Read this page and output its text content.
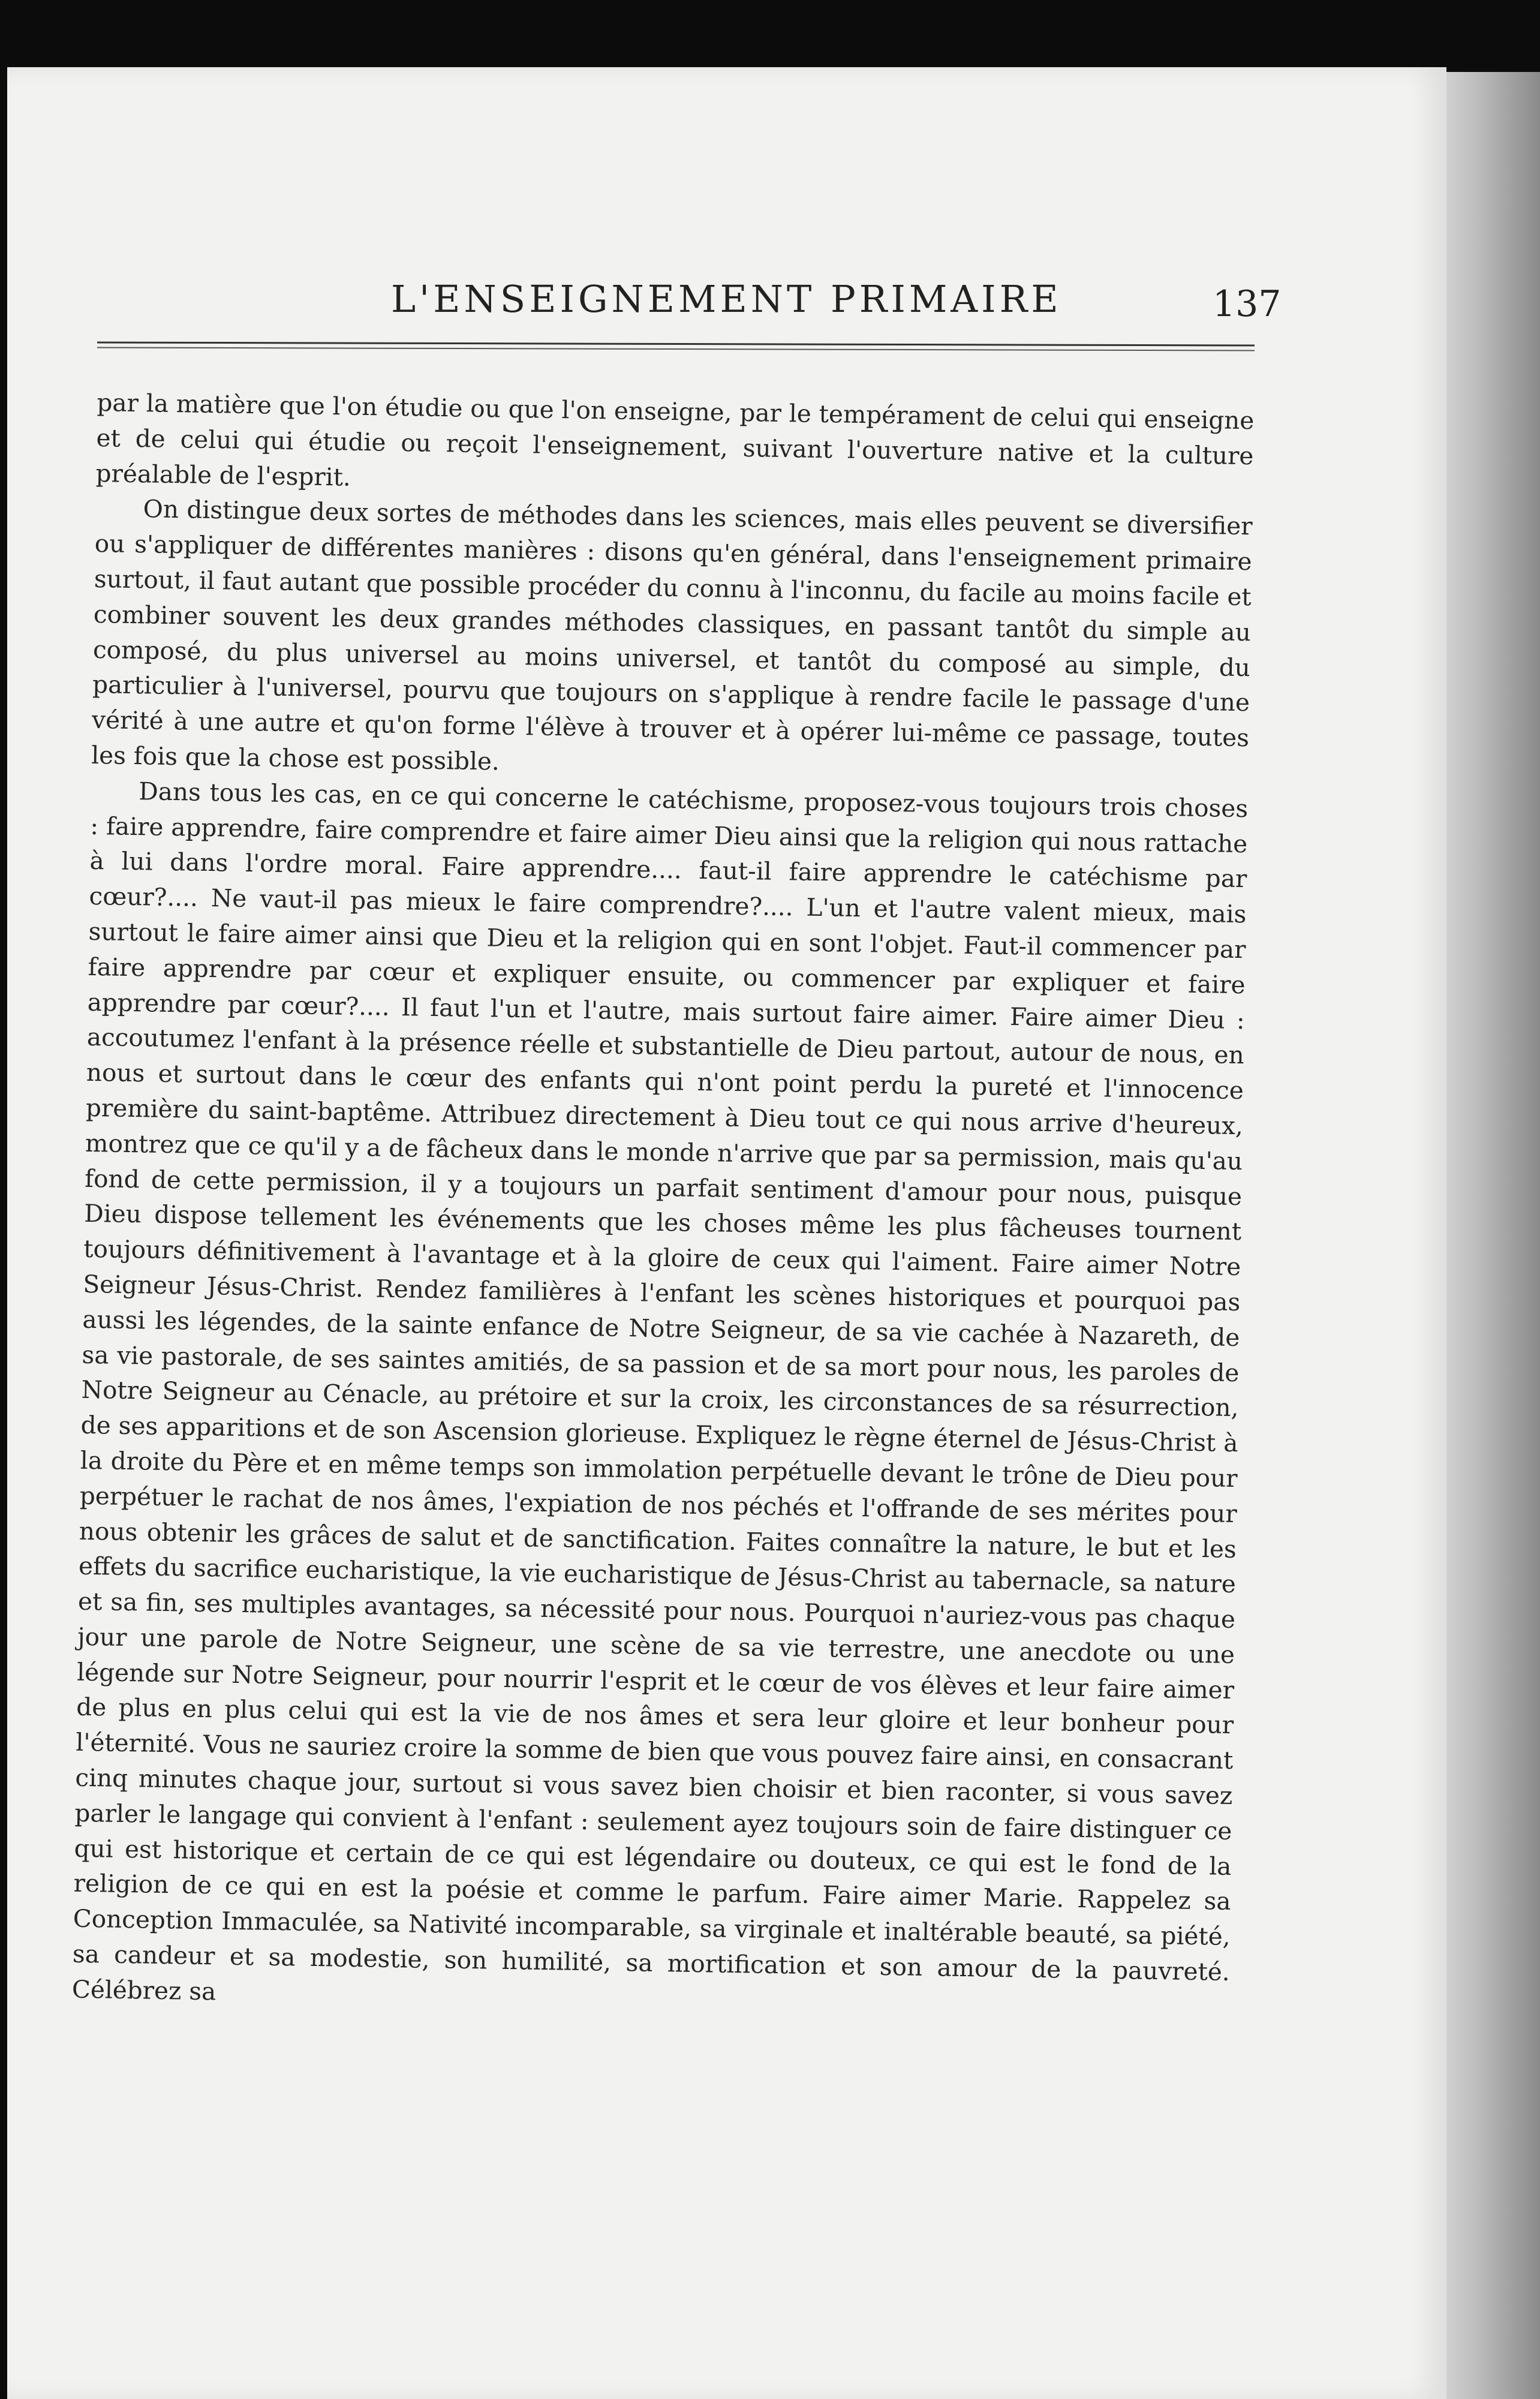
L'ENSEIGNEMENT PRIMAIRE	137

par la matière que l'on étudie ou que l'on enseigne, par le tempérament de celui qui enseigne et de celui qui étudie ou reçoit l'enseignement, suivant l'ouverture native et la culture préalable de l'esprit.

On distingue deux sortes de méthodes dans les sciences, mais elles peuvent se diversifier ou s'appliquer de différentes manières : disons qu'en général, dans l'enseignement primaire surtout, il faut autant que possible procéder du connu à l'inconnu, du facile au moins facile et combiner souvent les deux grandes méthodes classiques, en passant tantôt du simple au composé, du plus universel au moins universel, et tantôt du composé au simple, du particulier à l'universel, pourvu que toujours on s'applique à rendre facile le passage d'une vérité à une autre et qu'on forme l'élève à trouver et à opérer lui-même ce passage, toutes les fois que la chose est possible.

Dans tous les cas, en ce qui concerne le catéchisme, proposez-vous toujours trois choses : faire apprendre, faire comprendre et faire aimer Dieu ainsi que la religion qui nous rattache à lui dans l'ordre moral. Faire apprendre.... faut-il faire apprendre le catéchisme par cœur?.... Ne vaut-il pas mieux le faire comprendre?.... L'un et l'autre valent mieux, mais surtout le faire aimer ainsi que Dieu et la religion qui en sont l'objet. Faut-il commencer par faire apprendre par cœur et expliquer ensuite, ou commencer par expliquer et faire apprendre par cœur?.... Il faut l'un et l'autre, mais surtout faire aimer. Faire aimer Dieu : accoutumez l'enfant à la présence réelle et substantielle de Dieu partout, autour de nous, en nous et surtout dans le cœur des enfants qui n'ont point perdu la pureté et l'innocence première du saint-baptême. Attribuez directement à Dieu tout ce qui nous arrive d'heureux, montrez que ce qu'il y a de fâcheux dans le monde n'arrive que par sa permission, mais qu'au fond de cette permission, il y a toujours un parfait sentiment d'amour pour nous, puisque Dieu dispose tellement les événements que les choses même les plus fâcheuses tournent toujours définitivement à l'avantage et à la gloire de ceux qui l'aiment. Faire aimer Notre Seigneur Jésus-Christ. Rendez familières à l'enfant les scènes historiques et pourquoi pas aussi les légendes, de la sainte enfance de Notre Seigneur, de sa vie cachée à Nazareth, de sa vie pastorale, de ses saintes amitiés, de sa passion et de sa mort pour nous, les paroles de Notre Seigneur au Cénacle, au prétoire et sur la croix, les circonstances de sa résurrection, de ses apparitions et de son Ascension glorieuse. Expliquez le règne éternel de Jésus-Christ à la droite du Père et en même temps son immolation perpétuelle devant le trône de Dieu pour perpétuer le rachat de nos âmes, l'expiation de nos péchés et l'offrande de ses mérites pour nous obtenir les grâces de salut et de sanctification. Faites connaître la nature, le but et les effets du sacrifice eucharistique, la vie eucharistique de Jésus-Christ au tabernacle, sa nature et sa fin, ses multiples avantages, sa nécessité pour nous. Pourquoi n'auriez-vous pas chaque jour une parole de Notre Seigneur, une scène de sa vie terrestre, une anecdote ou une légende sur Notre Seigneur, pour nourrir l'esprit et le cœur de vos élèves et leur faire aimer de plus en plus celui qui est la vie de nos âmes et sera leur gloire et leur bonheur pour l'éternité. Vous ne sauriez croire la somme de bien que vous pouvez faire ainsi, en consacrant cinq minutes chaque jour, surtout si vous savez bien choisir et bien raconter, si vous savez parler le langage qui convient à l'enfant : seulement ayez toujours soin de faire distinguer ce qui est historique et certain de ce qui est légendaire ou douteux, ce qui est le fond de la religion de ce qui en est la poésie et comme le parfum. Faire aimer Marie. Rappelez sa Conception Immaculée, sa Nativité incomparable, sa virginale et inaltérable beauté, sa piété, sa candeur et sa modestie, son humilité, sa mortification et son amour de la pauvreté. Célébrez sa
